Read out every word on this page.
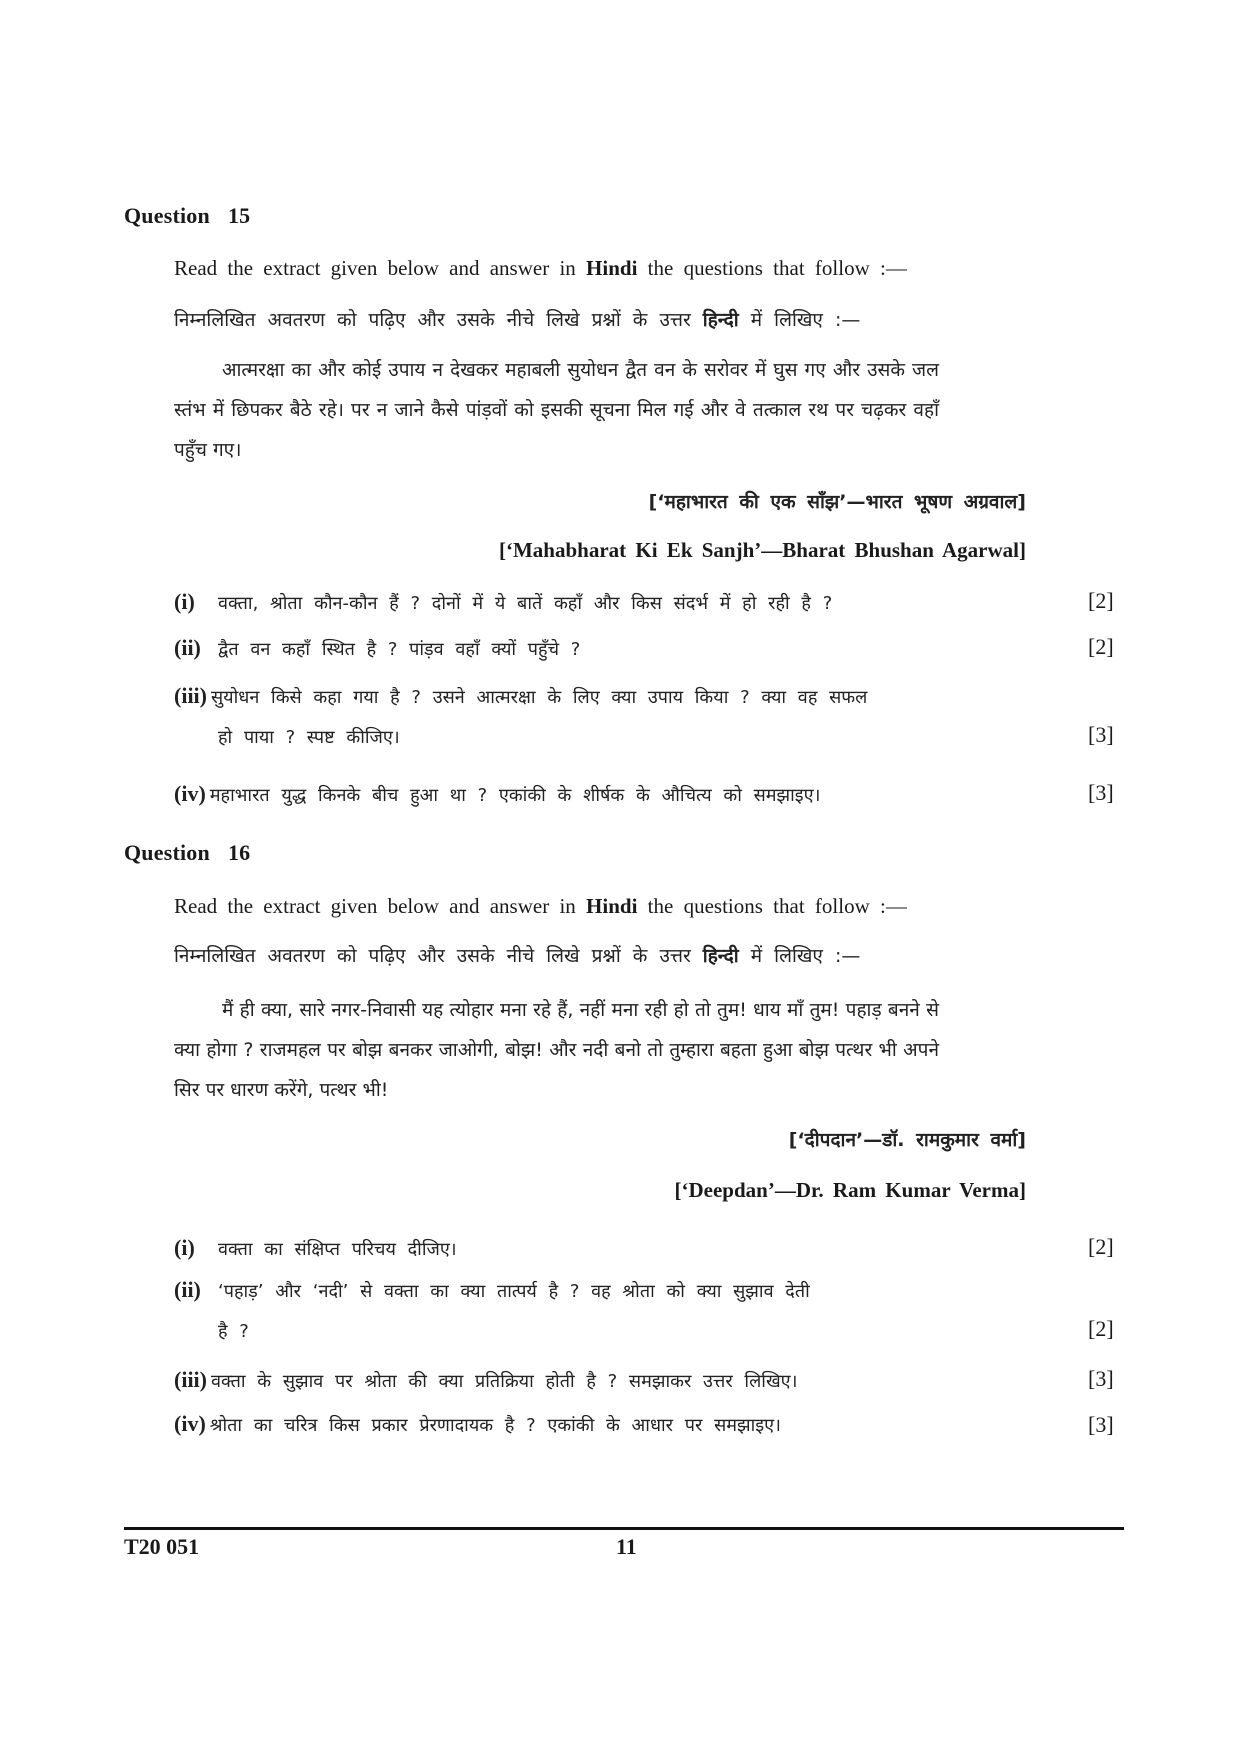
Question 15
Read the extract given below and answer in Hindi the questions that follow :—
निम्नलिखित अवतरण को पढ़िए और उसके नीचे लिखे प्रश्नों के उत्तर हिन्दी में लिखिए :—
आत्मरक्षा का और कोई उपाय न देखकर महाबली सुयोधन द्वैत वन के सरोवर में घुस गए और उसके जल स्तंभ में छिपकर बैठे रहे। पर न जाने कैसे पांड़वों को इसकी सूचना मिल गई और वे तत्काल रथ पर चढ़कर वहाँ पहुँच गए।
[‘महाभारत की एक साँझ’—भारत भूषण अग्रवाल]
[‘Mahabharat Ki Ek Sanjh’—Bharat Bhushan Agarwal]
(i) वक्ता, श्रोता कौन-कौन हैं ? दोनों में ये बातें कहाँ और किस संदर्भ में हो रही है ?	[2]
(ii) द्वैत वन कहाँ स्थित है ? पांड़व वहाँ क्यों पहुँचे ?	[2]
(iii) सुयोधन किसे कहा गया है ? उसने आत्मरक्षा के लिए क्या उपाय किया ? क्या वह सफल
हो पाया ? स्पष्ट कीजिए।	[3]
(iv) महाभारत युद्ध किनके बीच हुआ था ? एकांकी के शीर्षक के औचित्य को समझाइए।	[3]
Question 16
Read the extract given below and answer in Hindi the questions that follow :—
निम्नलिखित अवतरण को पढ़िए और उसके नीचे लिखे प्रश्नों के उत्तर हिन्दी में लिखिए :—
मैं ही क्या, सारे नगर-निवासी यह त्योहार मना रहे हैं, नहीं मना रही हो तो तुम! धाय माँ तुम! पहाड़ बनने से क्या होगा ? राजमहल पर बोझ बनकर जाओगी, बोझ! और नदी बनो तो तुम्हारा बहता हुआ बोझ पत्थर भी अपने सिर पर धारण करेंगे, पत्थर भी!
[‘दीपदान’—डॉ. रामकुमार वर्मा]
[‘Deepdan’—Dr. Ram Kumar Verma]
(i) वक्ता का संक्षिप्त परिचय दीजिए।	[2]
(ii) ‘पहाड़’ और ‘नदी’ से वक्ता का क्या तात्पर्य है ? वह श्रोता को क्या सुझाव देती
है ?	[2]
(iii) वक्ता के सुझाव पर श्रोता की क्या प्रतिक्रिया होती है ? समझाकर उत्तर लिखिए।	[3]
(iv) श्रोता का चरित्र किस प्रकार प्रेरणादायक है ? एकांकी के आधार पर समझाइए।	[3]
T20 051	11
